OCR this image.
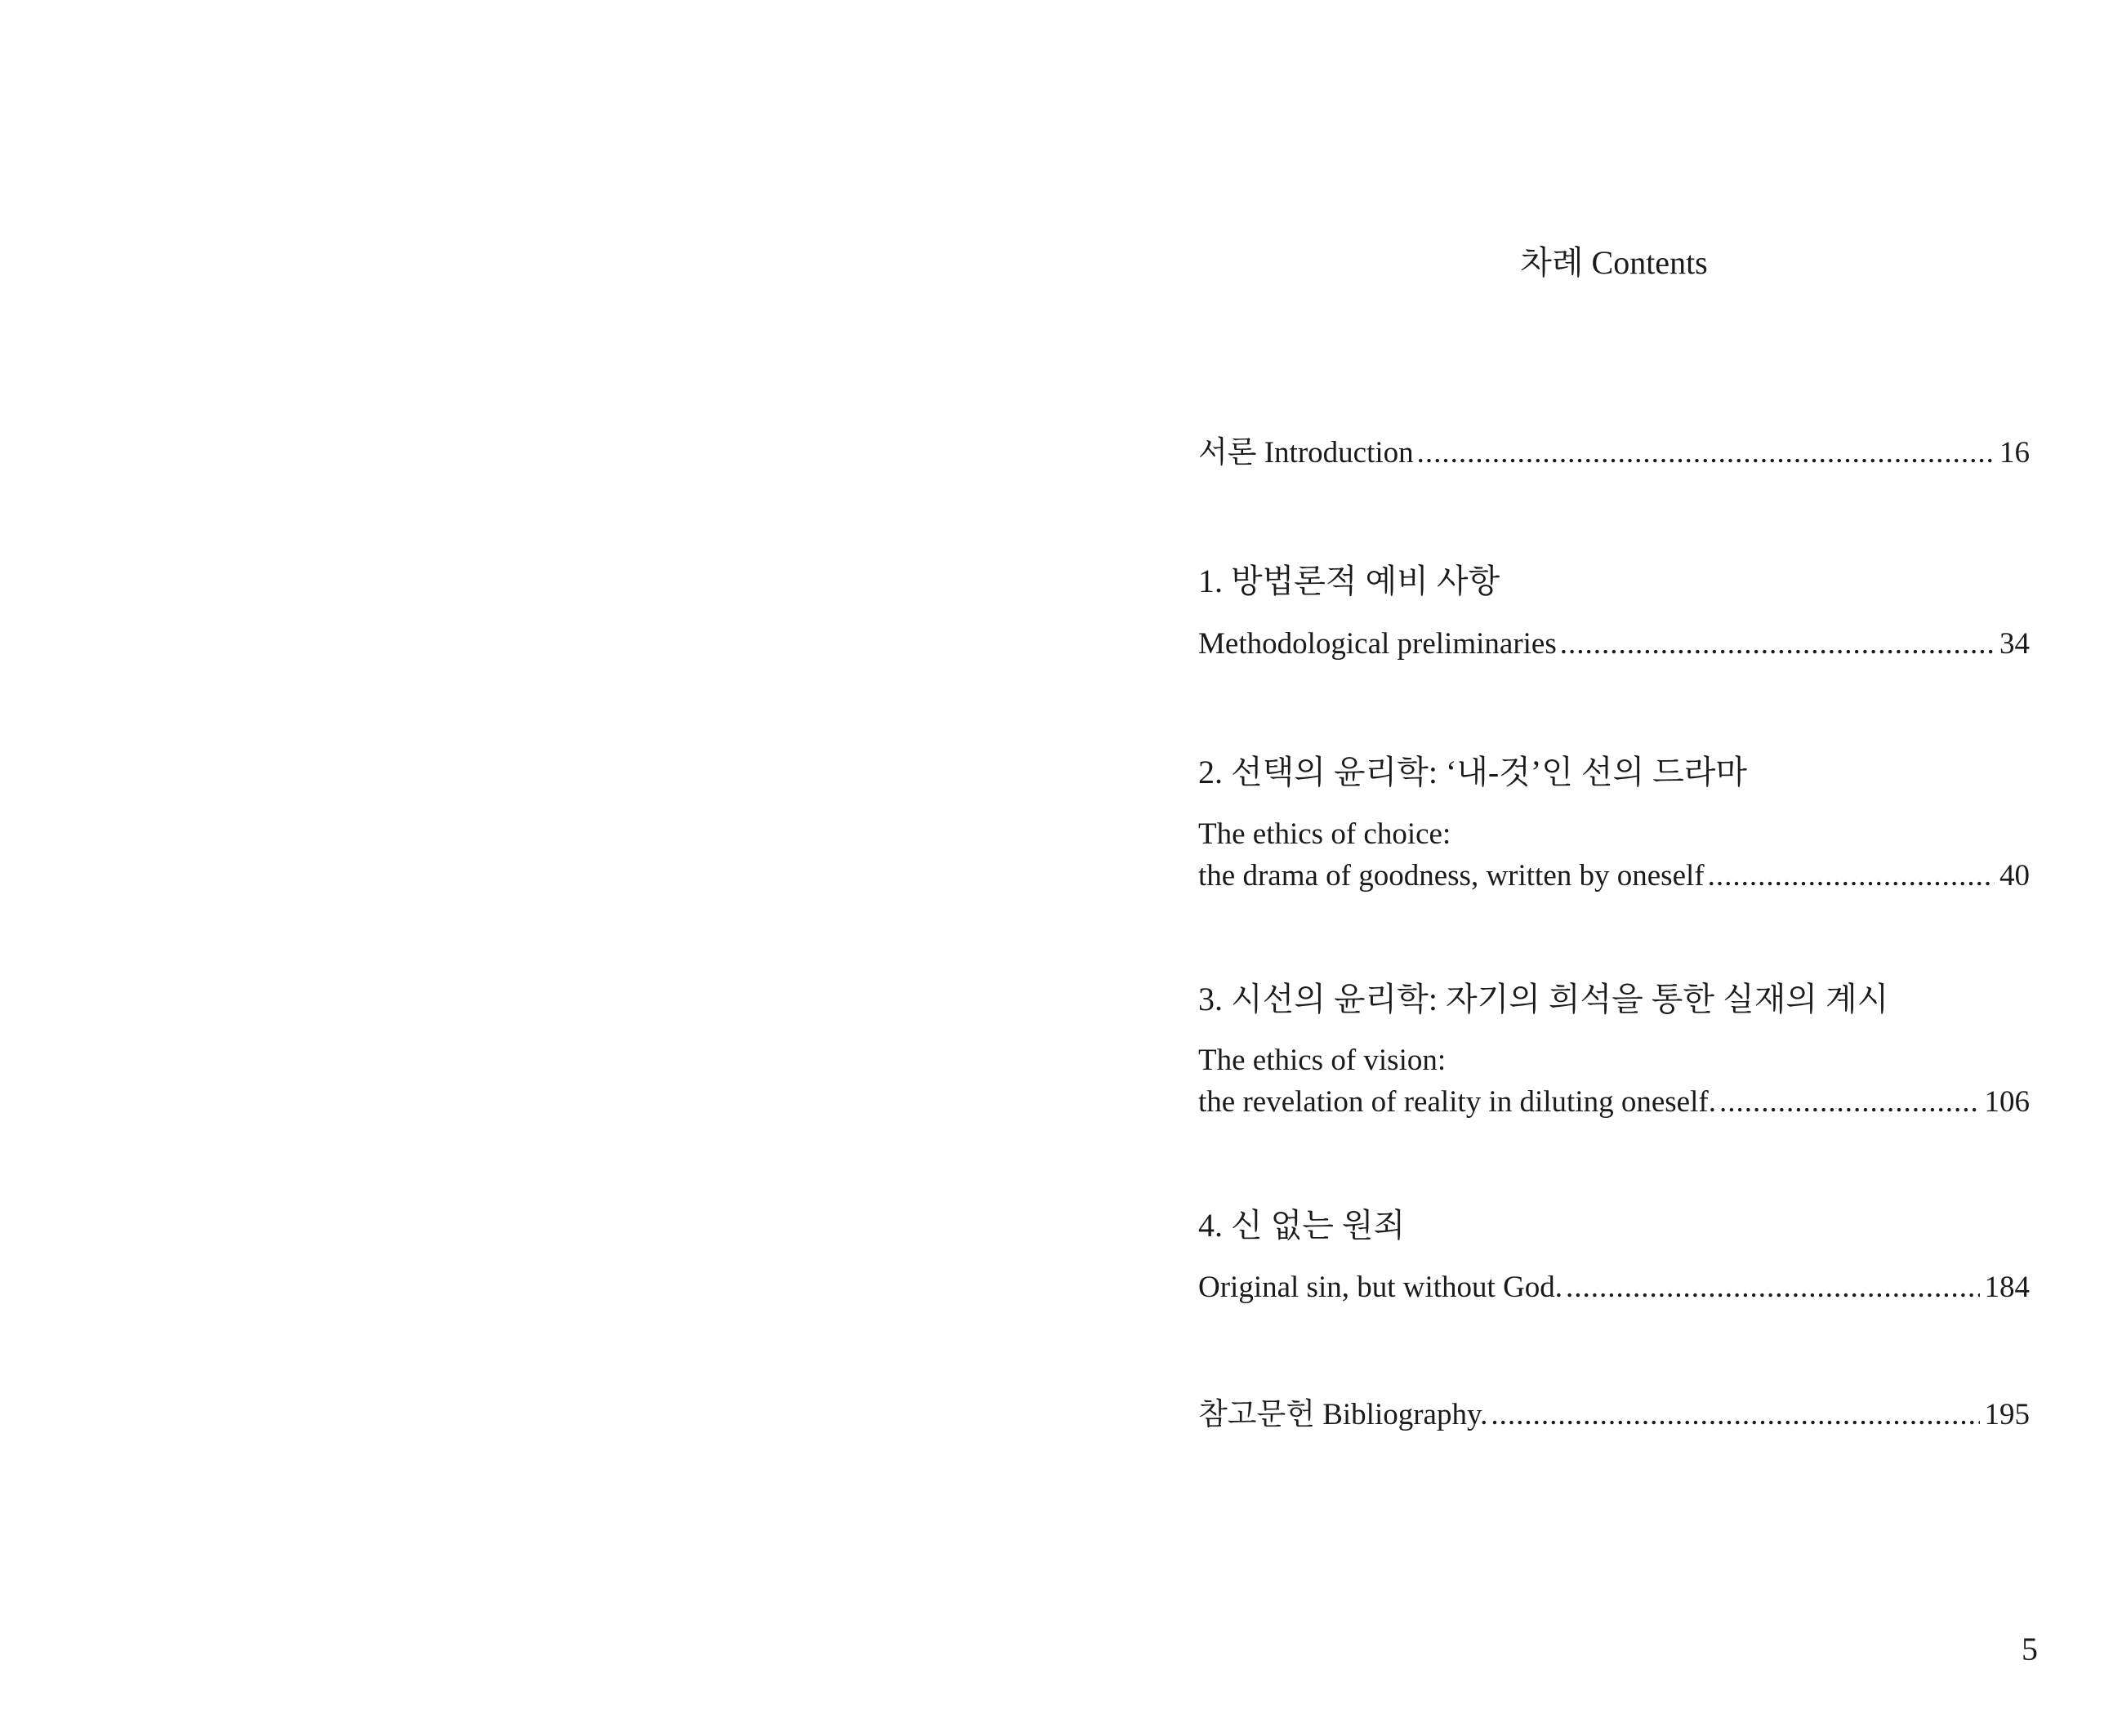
차례 Contents
서론 Introduction .....	16
1. 방법론적 예비 사항
Methodological preliminaries .....	34
2. 선택의 윤리학: ‘내-것’인 선의 드라마
The ethics of choice:
the drama of goodness, written by oneself .....	40
3. 시선의 윤리학: 자기의 희석을 통한 실재의 계시
The ethics of vision:
the revelation of reality in diluting oneself. .....	106
4. 신 없는 원죄
Original sin, but without God. .....	184
참고문헌 Bibliography. .....	195
5
